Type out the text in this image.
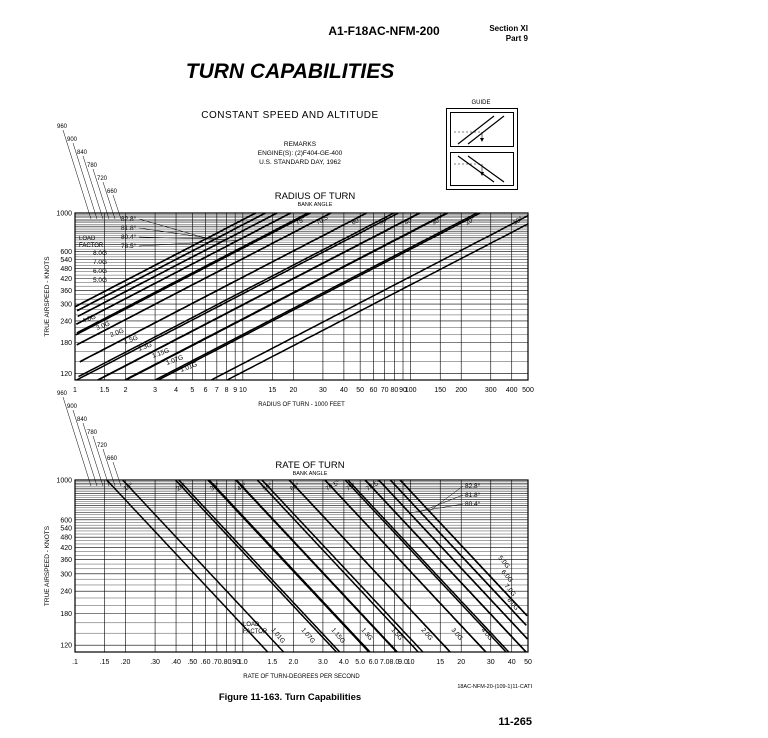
A1-F18AC-NFM-200	Section XI
Part 9
TURN CAPABILITIES
CONSTANT SPEED AND ALTITUDE
REMARKS
ENGINE(S): (2)F404-GE-400
U.S. STANDARD DAY, 1962
GUIDE
1	1.5 2	3 4 5 6 7 8 9 10	15 20	30 40 50 60 70 80 90
100	150 200	300 400 500
120
180
240
300
360
420
480
540
600
1000
RADIUS OF TURN - 1000 FEET
TRUE AIRSPEED - KNOTS
RADIUS OF TURN
BANK ANGLE
75° 70.5°	60° 50° 40° 30°	20°	10°
82.8°
81.8°
80.4°
78.5°
LOAD
FACTOR
8.0G
7.0G
6.0G
5.0G
4.0G
3.0G
2.0G
1.5G
1.3G
1.15G
1.07G
1.01G
960
900
840
780
720
660
.1	.15 .20	.30 .40 .50 .60 .70 .80
.90
1.0	1.5 2.0	3.0 4.0 5.0 6.0 7.0 8.0
9.0
10	15 20	30 40 50
120
180
240
300
360
420
480
540
600
1000
RATE OF TURN-DEGREES PER SECOND
TRUE AIRSPEED - KNOTS
RATE OF TURN
BANK ANGLE
10°	20°	30° 40° 50° 60°	70.5° 75° 78.5°	82.8°
81.8°
80.4°
LOAD
FACTOR 1.01G 1.07G 1.15G 1.3G 1.5G 2.0G 3.0G 4.0G
5.0G
6.0G
7.0G
8.0G
960
900
840
780
720
660
Figure 11-163. Turn Capabilities
18AC-NFM-20-(109-1)11-CATI
11-265
